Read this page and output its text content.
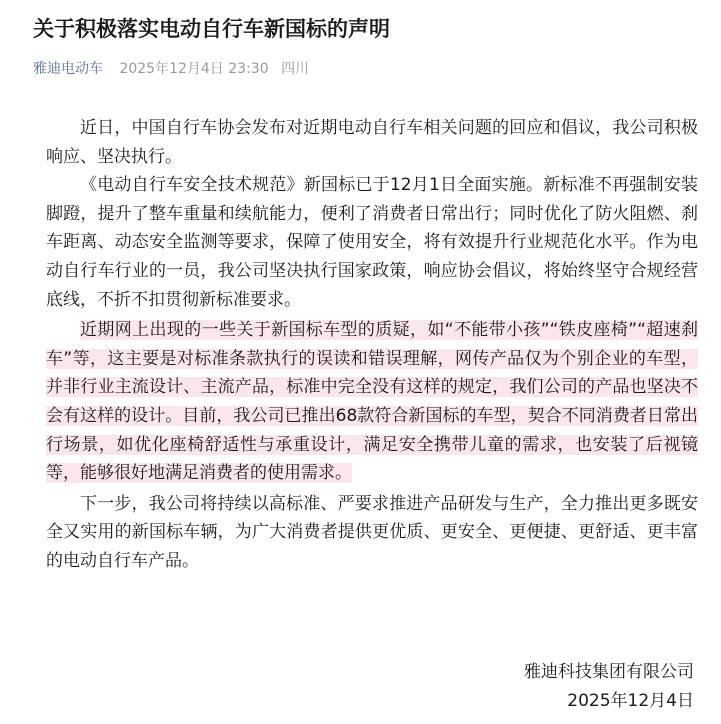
关于积极落实电动自行车新国标的声明
雅迪电动车 2025年12月4日 23:30 四川

近日，中国自行车协会发布对近期电动自行车相关问题的回应和倡议，我公司积极响应、坚决执行。

《电动自行车安全技术规范》新国标已于12月1日全面实施。新标准不再强制安装脚蹬，提升了整车重量和续航能力，便利了消费者日常出行；同时优化了防火阻燃、刹车距离、动态安全监测等要求，保障了使用安全，将有效提升行业规范化水平。作为电动自行车行业的一员，我公司坚决执行国家政策，响应协会倡议，将始终坚守合规经营底线，不折不扣贯彻新标准要求。

近期网上出现的一些关于新国标车型的质疑，如“不能带小孩”“铁皮座椅”“超速刹车”等，这主要是对标准条款执行的误读和错误理解，网传产品仅为个别企业的车型，并非行业主流设计、主流产品，标准中完全没有这样的规定，我们公司的产品也坚决不会有这样的设计。目前，我公司已推出68款符合新国标的车型，契合不同消费者日常出行场景，如优化座椅舒适性与承重设计，满足安全携带儿童的需求，也安装了后视镜等，能够很好地满足消费者的使用需求。

下一步，我公司将持续以高标准、严要求推进产品研发与生产，全力推出更多既安全又实用的新国标车辆，为广大消费者提供更优质、更安全、更便捷、更舒适、更丰富的电动自行车产品。

雅迪科技集团有限公司
2025年12月4日
